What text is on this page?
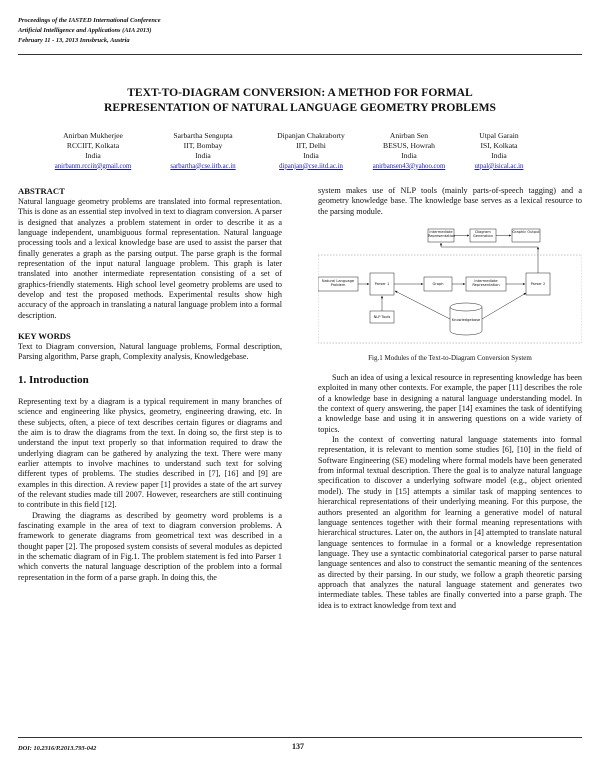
Proceedings of the IASTED International Conference
Artificial Intelligence and Applications (AIA 2013)
February 11 - 13, 2013 Innsbruck, Austria
TEXT-TO-DIAGRAM CONVERSION: A METHOD FOR FORMAL
REPRESENTATION OF NATURAL LANGUAGE GEOMETRY PROBLEMS
Anirban Mukherjee
RCCIIT, Kolkata
India
anirbanm.rcciit@gmail.com
Sarbartha Sengupta
IIT, Bombay
India
sarbartha@cse.iitb.ac.in
Dipanjan Chakraborty
IIT, Delhi
India
dipanjan@cse.iitd.ac.in
Anirban Sen
BESUS, Howrah
India
anirbansen43@yahoo.com
Utpal Garain
ISI, Kolkata
India
utpal@isical.ac.in
ABSTRACT

Natural language geometry problems are translated into formal representation. This is done as an essential step involved in text to diagram conversion. A parser is designed that analyzes a problem statement in order to describe it as a language independent, unambiguous formal representation. Natural language processing tools and a lexical knowledge base are used to assist the parser that finally generates a graph as the parsing output. The parse graph is the formal representation of the input natural language problem. This graph is later translated into another intermediate representation consisting of a set of graphics-friendly statements. High school level geometry problems are used to develop and test the proposed methods. Experimental results show high accuracy of the approach in translating a natural language problem into a formal description.

KEY WORDS

Text to Diagram conversion, Natural language problems, Formal description, Parsing algorithm, Parse graph, Complexity analysis, Knowledgebase.

1. Introduction

Representing text by a diagram is a typical requirement in many branches of science and engineering like physics, geometry, engineering drawing, etc. In these subjects, often, a piece of text describes certain figures or diagrams and the aim is to draw the diagrams from the text. In doing so, the first step is to understand the input text properly so that information required to draw the underlying diagram can be gathered by analyzing the text. There were many earlier attempts to involve machines to understand such text for solving different types of problems. The studies described in [7], [16] and [9] are examples in this direction. A review paper [1] provides a state of the art survey of the relevant studies made till 2007. However, researchers are still continuing to contribute in this field [12].

Drawing the diagrams as described by geometry word problems is a fascinating example in the area of text to diagram conversion problems. A framework to generate diagrams from geometrical text was described in a thought paper [2]. The proposed system consists of several modules as depicted in the schematic diagram of in Fig.1. The problem statement is fed into Parser 1 which converts the natural language description of the problem into a formal representation in the form of a parse graph. In doing this, the

system makes use of NLP tools (mainly parts-of-speech tagging) and a geometry knowledge base. The knowledge base serves as a lexical resource to the parsing module.

Intermediate Representation
Diagram Generation
Graphic Output
Natural Language Problem	Parser 1	Graph
Intermediate Representation	Parser 2
NLP Tools
Knowledgebase
Fig.1 Modules of the Text-to-Diagram Conversion System

Such an idea of using a lexical resource in representing knowledge has been exploited in many other contexts. For example, the paper [11] describes the role of a knowledge base in designing a natural language understanding model. In the context of query answering, the paper [14] examines the task of identifying a knowledge base and using it in answering questions on a wide variety of topics.

In the context of converting natural language statements into formal representation, it is relevant to mention some studies [6], [10] in the field of Software Engineering (SE) modeling where formal models have been generated from informal textual description. There the goal is to analyze natural language specification to discover a underlying software model (e.g., object oriented model). The study in [15] attempts a similar task of mapping sentences to hierarchical representations of their underlying meaning. For this purpose, the authors presented an algorithm for learning a generative model of natural language sentences together with their formal meaning representations with hierarchical structures. Later on, the authors in [4] attempted to translate natural language sentences to formulae in a formal or a knowledge representation language. They use a syntactic combinatorial categorical parser to parse natural language sentences and also to construct the semantic meaning of the sentences as directed by their parsing. In our study, we follow a graph theoretic parsing approach that analyzes the natural language statement and generates two intermediate tables. These tables are finally converted into a parse graph. The idea is to extract knowledge from text and

DOI: 10.2316/P.2013.793-042	137
